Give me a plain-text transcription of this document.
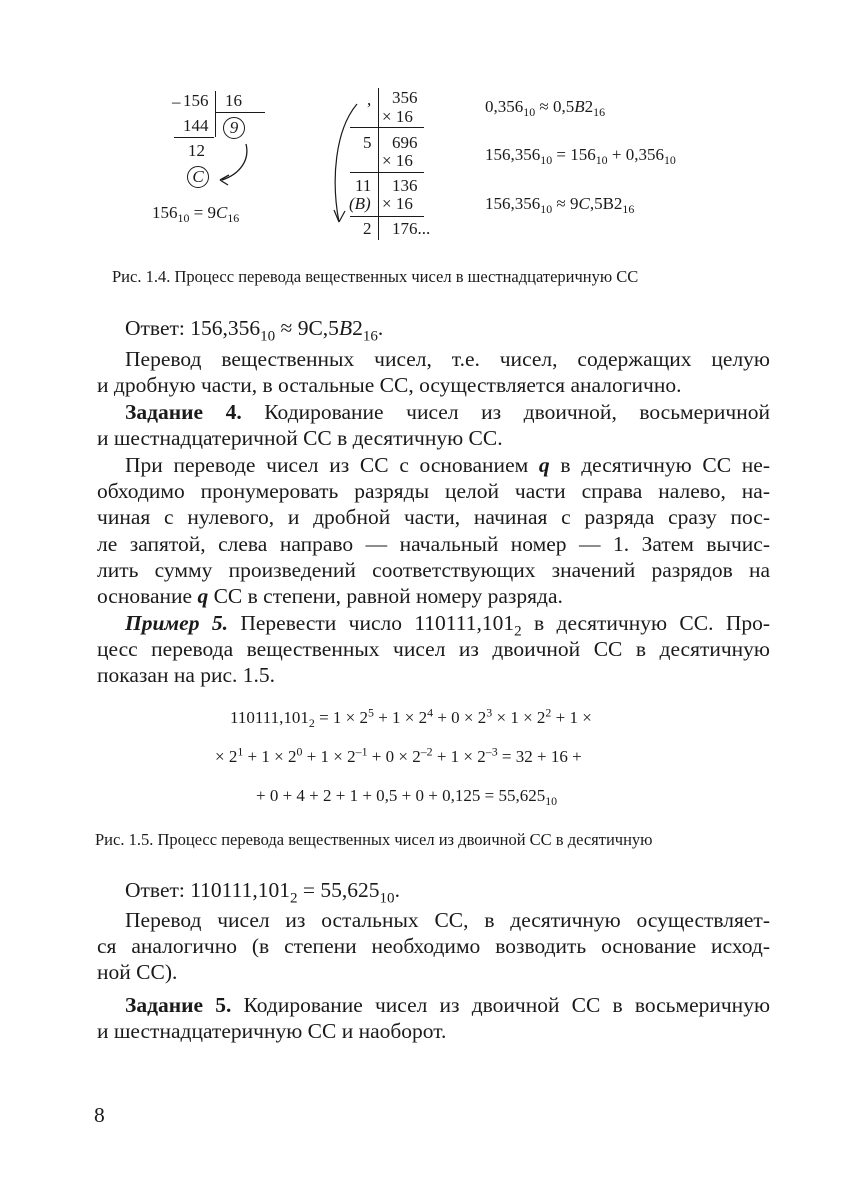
– 156 16
144	9
12
C
$156_{10} = 9C_{16}$
, 356
× 16
5 696
× 16
11 136
(B) × 16
2 176...
$0,356_{10} \approx 0,5B2_{16}$
$156,356_{10} = 156_{10} + 0,356_{10}$
$156,356_{10} \approx 9C,5B2_{16}$
Рис. 1.4. Процесс перевода вещественных чисел в шестнадцатеричную СС
Ответ: $156,356_{10} \approx 9С,5B2_{16}$.
Перевод вещественных чисел, т.е. чисел, содержащих целую
и дробную части, в остальные СС, осуществляется аналогично.
Задание 4. Кодирование чисел из двоичной, восьмеричной
и шестнадцатеричной СС в десятичную СС.
При переводе чисел из СС с основанием q в десятичную СС не-
обходимо пронумеровать разряды целой части справа налево, на-
чиная с нулевого, и дробной части, начиная с разряда сразу пос-
ле запятой, слева направо — начальный номер — 1. Затем вычис-
лить сумму произведений соответствующих значений разрядов на
основание q СС в степени, равной номеру разряда.
Пример 5. Перевести число $110111,101_2$ в десятичную СС. Про-
цесс перевода вещественных чисел из двоичной СС в десятичную
показан на рис. 1.5.
$110111,101_2 = 1 \times 2^5 + 1 \times 2^4 + 0 \times 2^3 \times 1 \times 2^2 + 1$ ×
× $2^1 + 1 \times 2^0 + 1 \times 2^{-1} + 0 \times 2^{-2} + 1 \times 2^{-3} = 32 + 16$ +
+ $0 + 4 + 2 + 1 + 0,5 + 0 + 0,125 = 55,625_{10}$
Рис. 1.5. Процесс перевода вещественных чисел из двоичной СС в десятичную
Ответ: $110111,101_2 = 55,625_{10}$.
Перевод чисел из остальных СС, в десятичную осуществляет-
ся аналогично (в степени необходимо возводить основание исход-
ной СС).
Задание 5. Кодирование чисел из двоичной СС в восьмеричную
и шестнадцатеричную СС и наоборот.
8
